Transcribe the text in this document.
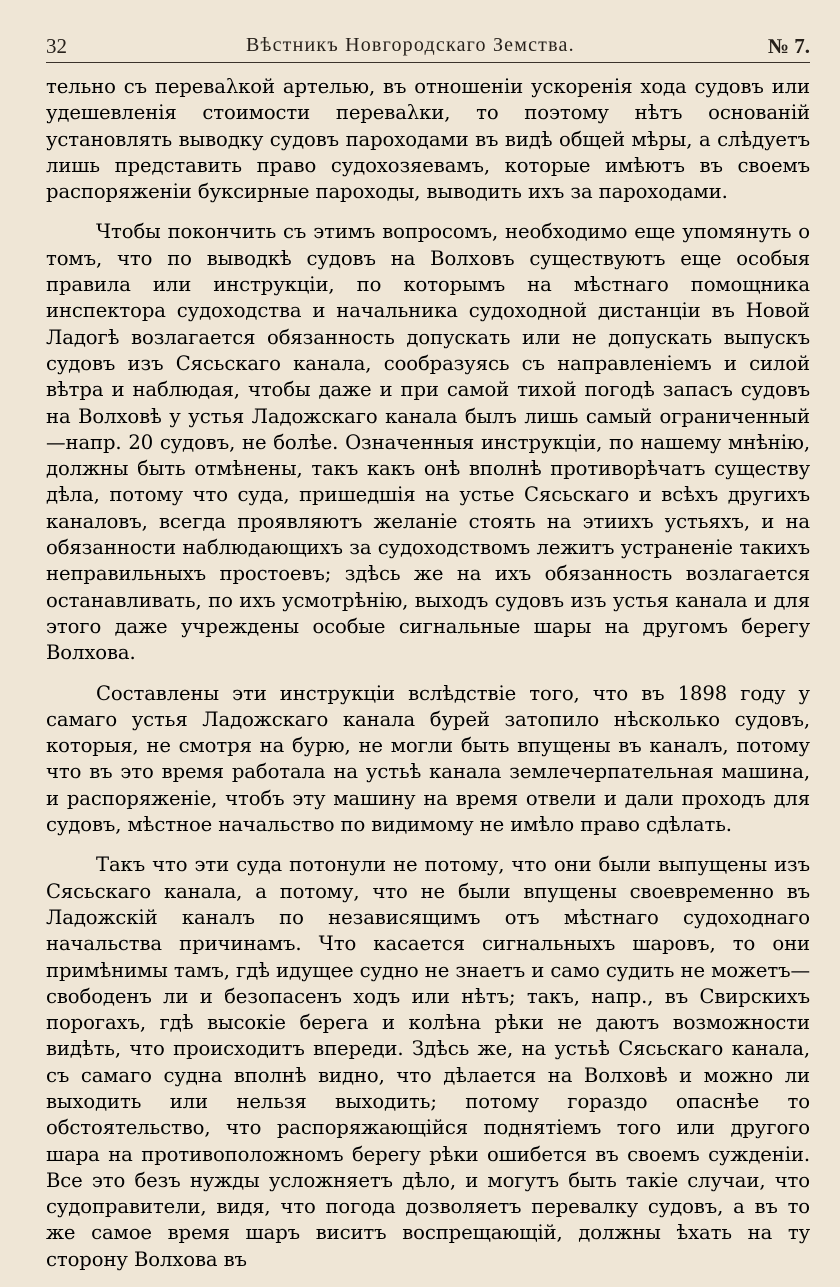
32	Вѣстникъ Новгородскаго Земства.	№ 7.

тельно съ переваλкой артелью, въ отношеніи ускоренія хода судовъ или удешевленія стоимости переваλки, то поэтому нѣтъ основаній установлять выводку судовъ пароходами въ видѣ общей мѣры, а слѣдуетъ лишь представить право судохозяевамъ, которые имѣютъ въ своемъ распоряженіи буксирные пароходы, выводить ихъ за пароходами.

Чтобы покончить съ этимъ вопросомъ, необходимо еще упомянуть о томъ, что по выводкѣ судовъ на Волховъ существуютъ еще особыя правила или инструкціи, по которымъ на мѣстнаго помощника инспектора судоходства и начальника судоходной дистанціи въ Новой Ладогѣ возлагается обязанность допускать или не допускать выпускъ судовъ изъ Сясьскаго канала, сообразуясь съ направленіемъ и силой вѣтра и наблюдая, чтобы даже и при самой тихой погодѣ запасъ судовъ на Волховѣ у устья Ладожскаго канала былъ лишь самый ограниченный—напр. 20 судовъ, не болѣе. Означенныя инструкціи, по нашему мнѣнію, должны быть отмѣнены, такъ какъ онѣ вполнѣ противорѣчатъ существу дѣла, потому что суда, пришедшія на устье Сясьскаго и всѣхъ другихъ каналовъ, всегда проявляютъ желаніе стоять на этиихъ устьяхъ, и на обязанности наблюдающихъ за судоходствомъ лежитъ устраненіе такихъ неправильныхъ простоевъ; здѣсь же на ихъ обязанность возлагается останавливать, по ихъ усмотрѣнію, выходъ судовъ изъ устья канала и для этого даже учреждены особые сигнальные шары на другомъ берегу Волхова.

Составлены эти инструкціи вслѣдствіе того, что въ 1898 году у самаго устья Ладожскаго канала бурей затопило нѣсколько судовъ, которыя, не смотря на бурю, не могли быть впущены въ каналъ, потому что въ это время работала на устьѣ канала землечерпательная машина, и распоряженіе, чтобъ эту машину на время отвели и дали проходъ для судовъ, мѣстное начальство по видимому не имѣло право сдѣлать.

Такъ что эти суда потонули не потому, что они были выпущены изъ Сясьскаго канала, а потому, что не были впущены своевременно въ Ладожскій каналъ по независящимъ отъ мѣстнаго судоходнаго начальства причинамъ. Что касается сигнальныхъ шаровъ, то они примѣнимы тамъ, гдѣ идущее судно не знаетъ и само судить не можетъ—свободенъ ли и безопасенъ ходъ или нѣтъ; такъ, напр., въ Свирскихъ порогахъ, гдѣ высокіе берега и колѣна рѣки не даютъ возможности видѣть, что происходитъ впереди. Здѣсь же, на устьѣ Сясьскаго канала, съ самаго судна вполнѣ видно, что дѣлается на Волховѣ и можно ли выходить или нельзя выходить; потому гораздо опаснѣе то обстоятельство, что распоряжающійся поднятіемъ того или другого шара на противоположномъ берегу рѣки ошибется въ своемъ сужденіи. Все это безъ нужды усложняетъ дѣло, и могутъ быть такіе случаи, что судоправители, видя, что погода дозволяетъ перевалку судовъ, а въ то же самое время шаръ виситъ воспрещающій, должны ѣхать на ту сторону Волхова въ
